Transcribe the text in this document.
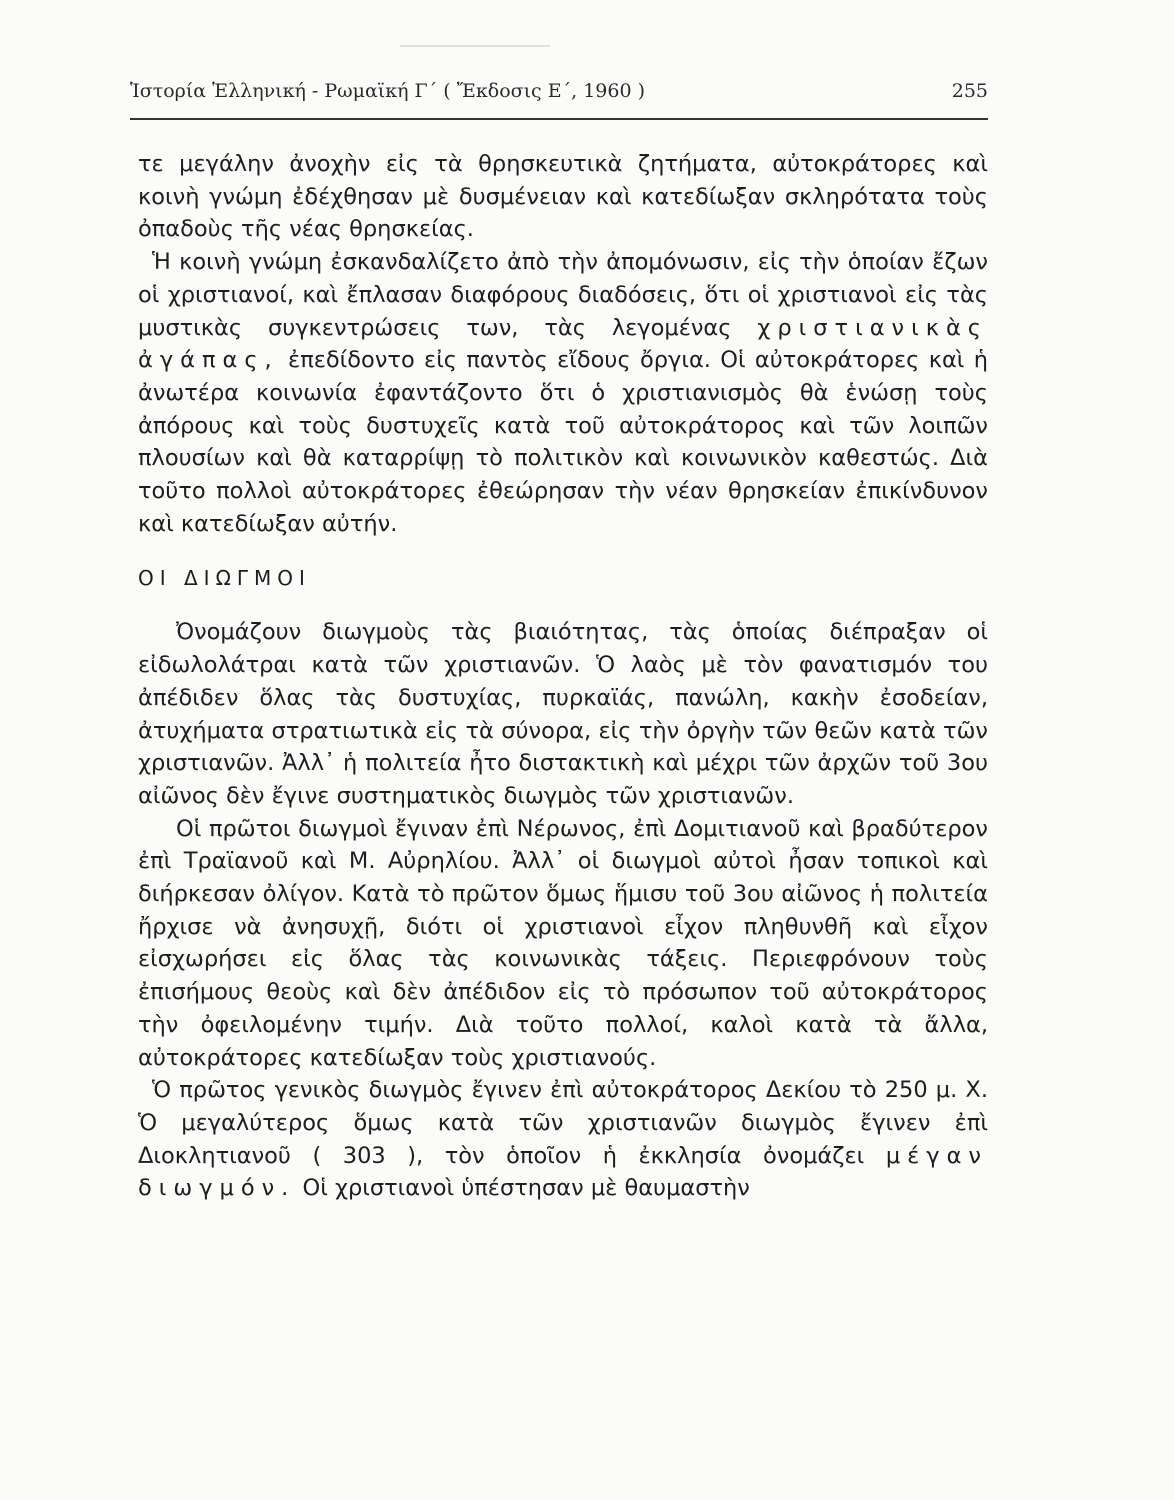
Ἱστορία Ἑλληνική - Ρωμαϊκή Γ΄ ( Ἔκδοσις Ε΄, 1960 )	255

τε μεγάλην ἀνοχὴν εἰς τὰ θρησκευτικὰ ζητήματα, αὐτοκράτορες καὶ κοινὴ γνώμη ἐδέχθησαν μὲ δυσμένειαν καὶ κατεδίωξαν σκληρότατα τοὺς ὀπαδοὺς τῆς νέας θρησκείας.

Ἡ κοινὴ γνώμη ἐσκανδαλίζετο ἀπὸ τὴν ἀπομόνωσιν, εἰς τὴν ὁποίαν ἔζων οἱ χριστιανοί, καὶ ἔπλασαν διαφόρους διαδόσεις, ὅτι οἱ χριστιανοὶ εἰς τὰς μυστικὰς συγκεντρώσεις των, τὰς λεγομένας χριστιανικὰς ἀγάπας, ἐπεδίδοντο εἰς παντὸς εἴδους ὄργια. Οἱ αὐτοκράτορες καὶ ἡ ἀνωτέρα κοινωνία ἐφαντάζοντο ὅτι ὁ χριστιανισμὸς θὰ ἑνώσῃ τοὺς ἀπόρους καὶ τοὺς δυστυχεῖς κατὰ τοῦ αὐτοκράτορος καὶ τῶν λοιπῶν πλουσίων καὶ θὰ καταρρίψῃ τὸ πολιτικὸν καὶ κοινωνικὸν καθεστώς. Διὰ τοῦτο πολλοὶ αὐτοκράτορες ἐθεώρησαν τὴν νέαν θρησκείαν ἐπικίνδυνον καὶ κατεδίωξαν αὐτήν.

ΟΙ ΔΙΩΓΜΟΙ

Ὀνομάζουν διωγμοὺς τὰς βιαιότητας, τὰς ὁποίας διέπραξαν οἱ εἰδωλολάτραι κατὰ τῶν χριστιανῶν. Ὁ λαὸς μὲ τὸν φανατισμόν του ἀπέδιδεν ὅλας τὰς δυστυχίας, πυρκαϊάς, πανώλη, κακὴν ἐσοδείαν, ἀτυχήματα στρατιωτικὰ εἰς τὰ σύνορα, εἰς τὴν ὀργὴν τῶν θεῶν κατὰ τῶν χριστιανῶν. Ἀλλ᾽ ἡ πολιτεία ἦτο διστακτικὴ καὶ μέχρι τῶν ἀρχῶν τοῦ 3ου αἰῶνος δὲν ἔγινε συστηματικὸς διωγμὸς τῶν χριστιανῶν.

Οἱ πρῶτοι διωγμοὶ ἔγιναν ἐπὶ Νέρωνος, ἐπὶ Δομιτιανοῦ καὶ βραδύτερον ἐπὶ Τραϊανοῦ καὶ Μ. Αὐρηλίου. Ἀλλ᾽ οἱ διωγμοὶ αὐτοὶ ἦσαν τοπικοὶ καὶ διήρκεσαν ὀλίγον. Κατὰ τὸ πρῶτον ὅμως ἥμισυ τοῦ 3ου αἰῶνος ἡ πολιτεία ἤρχισε νὰ ἀνησυχῇ, διότι οἱ χριστιανοὶ εἶχον πληθυνθῆ καὶ εἶχον εἰσχωρήσει εἰς ὅλας τὰς κοινωνικὰς τάξεις. Περιεφρόνουν τοὺς ἐπισήμους θεοὺς καὶ δὲν ἀπέδιδον εἰς τὸ πρόσωπον τοῦ αὐτοκράτορος τὴν ὀφειλομένην τιμήν. Διὰ τοῦτο πολλοί, καλοὶ κατὰ τὰ ἄλλα, αὐτοκράτορες κατεδίωξαν τοὺς χριστιανούς.

Ὁ πρῶτος γενικὸς διωγμὸς ἔγινεν ἐπὶ αὐτοκράτορος Δεκίου τὸ 250 μ. Χ. Ὁ μεγαλύτερος ὅμως κατὰ τῶν χριστιανῶν διωγμὸς ἔγινεν ἐπὶ Διοκλητιανοῦ ( 303 ), τὸν ὁποῖον ἡ ἐκκλησία ὀνομάζει μέγαν διωγμόν. Οἱ χριστιανοὶ ὑπέστησαν μὲ θαυμαστὴν
